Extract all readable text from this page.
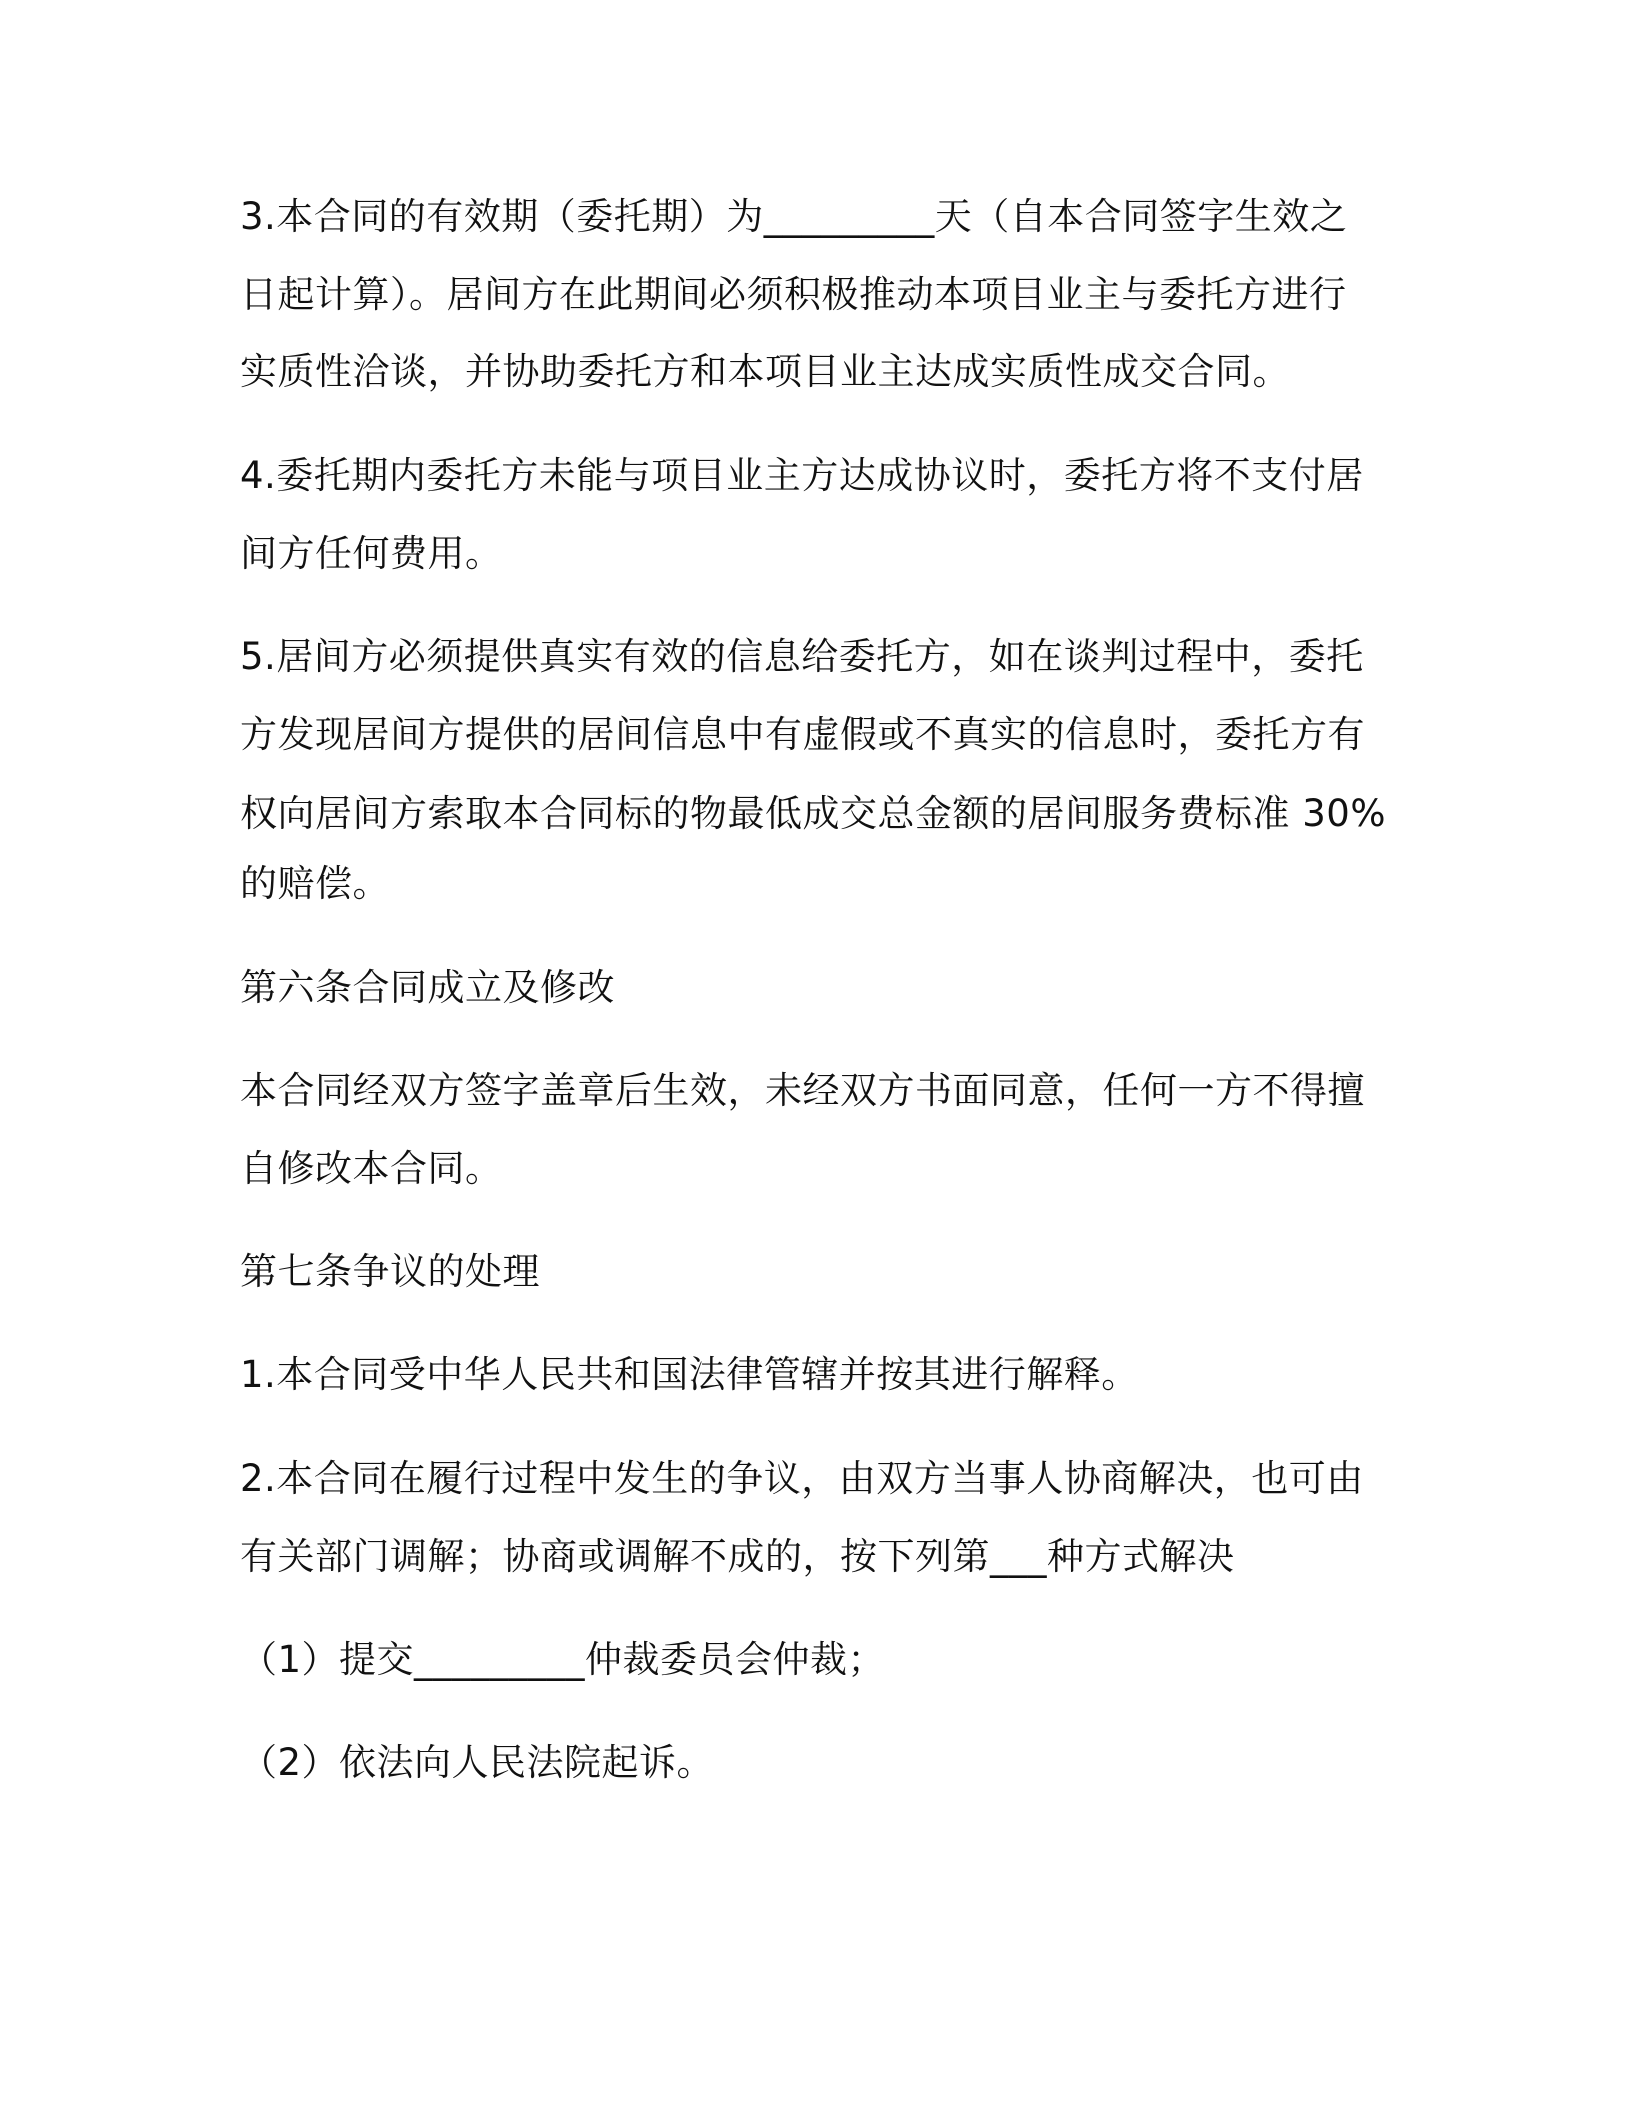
3.本合同的有效期（委托期）为_________天（自本合同签字生效之

日起计算）。居间方在此期间必须积极推动本项目业主与委托方进行

实质性洽谈，并协助委托方和本项目业主达成实质性成交合同。

4.委托期内委托方未能与项目业主方达成协议时，委托方将不支付居

间方任何费用。

5.居间方必须提供真实有效的信息给委托方，如在谈判过程中，委托

方发现居间方提供的居间信息中有虚假或不真实的信息时，委托方有

权向居间方索取本合同标的物最低成交总金额的居间服务费标准 30%

的赔偿。

第六条合同成立及修改

本合同经双方签字盖章后生效，未经双方书面同意，任何一方不得擅

自修改本合同。

第七条争议的处理

1.本合同受中华人民共和国法律管辖并按其进行解释。

2.本合同在履行过程中发生的争议，由双方当事人协商解决，也可由

有关部门调解；协商或调解不成的，按下列第___种方式解决

（1）提交_________仲裁委员会仲裁；

（2）依法向人民法院起诉。
